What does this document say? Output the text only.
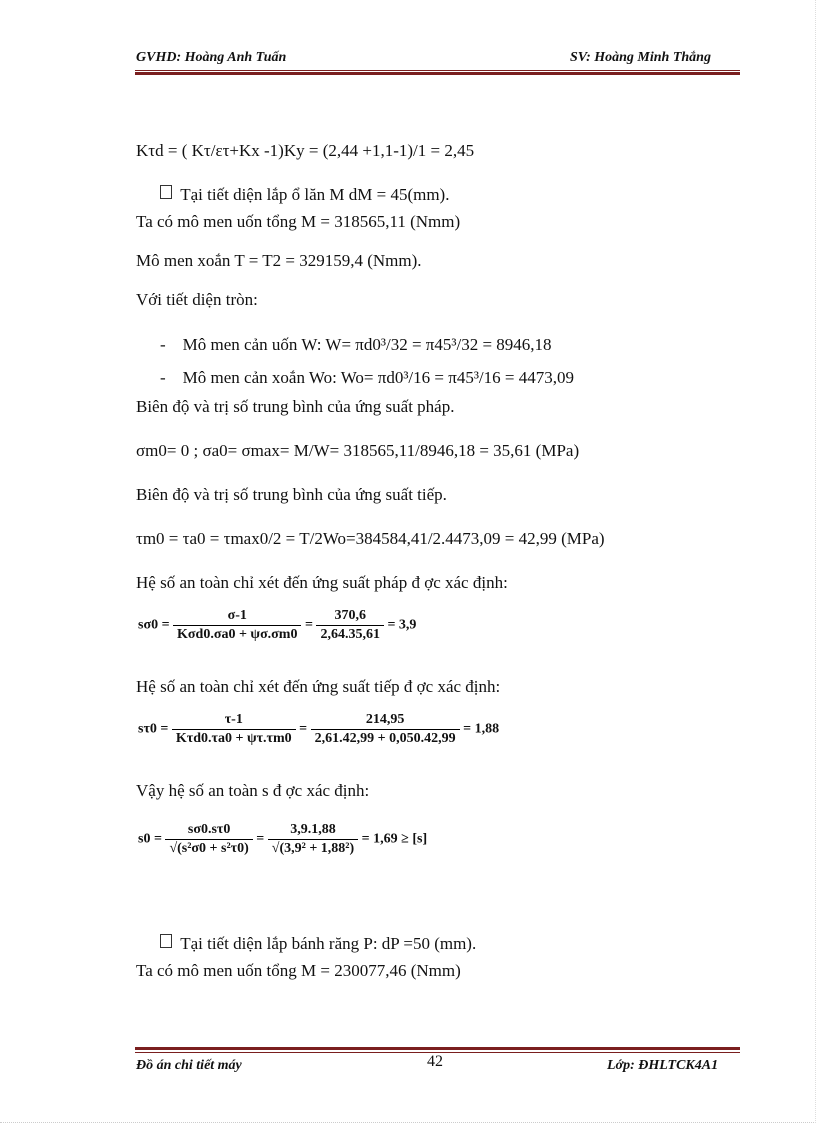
GVHD: Hoàng Anh Tuấn	SV: Hoàng Minh Thắng
Kτd = ( Kτ/ετ+Kx -1)Ky = (2,44 +1,1-1)/1 = 2,45
Tại tiết diện lắp ổ lăn M dM = 45(mm).
Ta có mô men uốn tổng M = 318565,11 (Nmm)
Mô men xoắn T = T2 = 329159,4 (Nmm).
Với tiết diện tròn:
- Mô men cản uốn W: W= πd0³/32 = π45³/32 = 8946,18
- Mô men cản xoắn Wo: Wo= πd0³/16 = π45³/16 = 4473,09
Biên độ và trị số trung bình của ứng suất pháp.
σm0= 0 ; σa0= σmax= M/W= 318565,11/8946,18 = 35,61 (MPa)
Biên độ và trị số trung bình của ứng suất tiếp.
τm0 = τa0 = τmax0/2 = T/2Wo=384584,41/2.4473,09 = 42,99 (MPa)
Hệ số an toàn chỉ xét đến ứng suất pháp đ ợc xác định:
$s\sigma 0 = \frac{\sigma-1}{\text{Kσd0.σa0 + ψσ.σm0}} = \frac{370,6}{2,64.35,61} = 3,9$
Hệ số an toàn chỉ xét đến ứng suất tiếp đ ợc xác định:
$s\tau 0 = \frac{\tau-1}{\text{Kτd0.τa0 + ψτ.τm0}} = \frac{214,95}{2,61.42,99 + 0,050.42,99} = 1,88$
Vậy hệ số an toàn s đ ợc xác định:
$s0 = \frac{s\sigma 0.s\tau 0}{\text{√(s²σ0 + s²τ0)}} = \frac{3,9.1,88}{\text{√(3,9² + 1,88²)}} = 1,69 \ge [s]$
Tại tiết diện lắp bánh răng P: dP =50 (mm).
Ta có mô men uốn tổng M = 230077,46 (Nmm)
Đồ án chi tiết máy	42	Lớp: ĐHLTCK4A1
